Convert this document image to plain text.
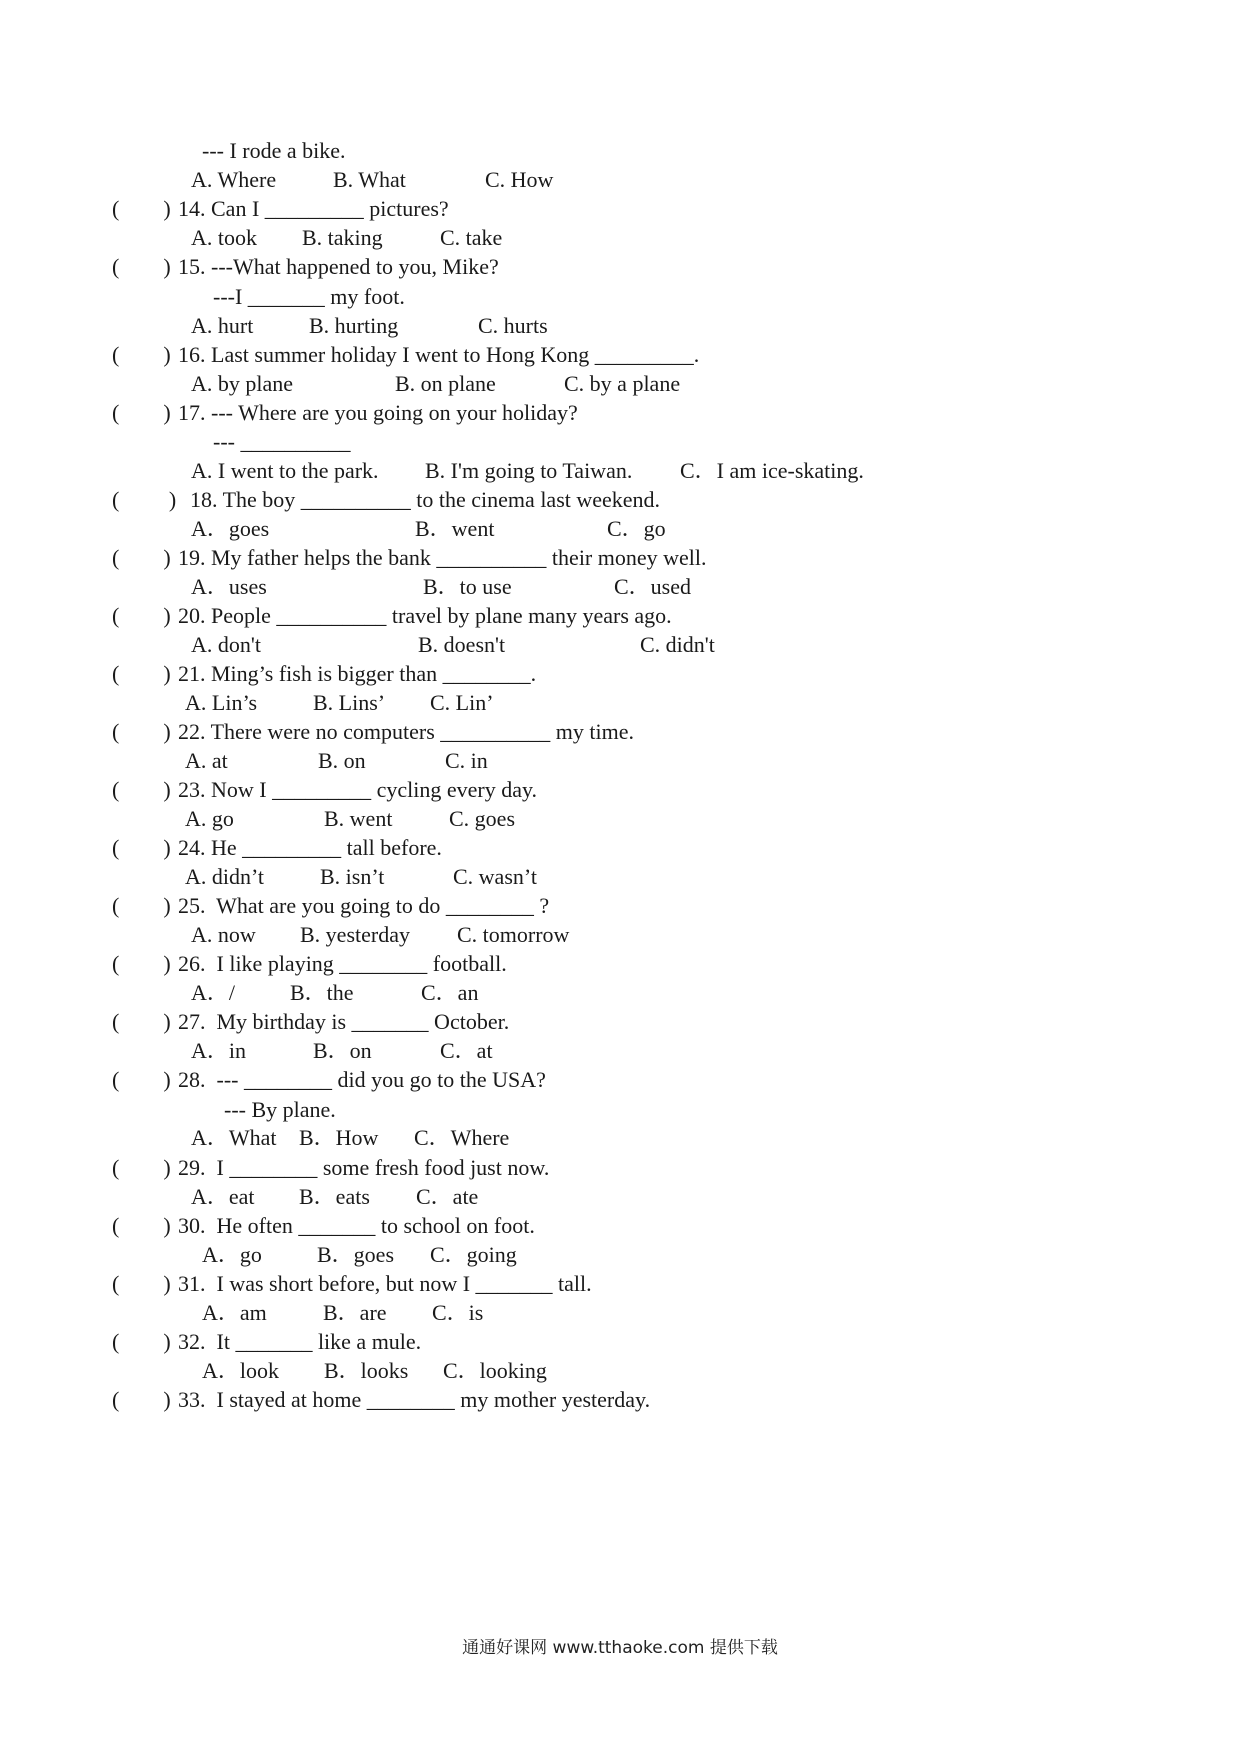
--- I rode a bike.
A. Where	B. What	C. How
(        ) 14. Can I _________ pictures?
A. took B. taking	C. take
(        ) 15. ---What happened to you, Mike?
---I _______ my foot.
A. hurt	B. hurting	C. hurts
(        ) 16. Last summer holiday I went to Hong Kong _________.
A. by plane	B. on plane	C. by a plane
(        ) 17. --- Where are you going on your holiday?
--- __________
A. I went to the park. B. I'm going to Taiwan. C．I am ice-skating.
(         ) 18. The boy __________ to the cinema last weekend.
A．goes	B．went	C．go
(        ) 19. My father helps the bank __________ their money well.
A．uses	B．to use	C．used
(        ) 20. People __________ travel by plane many years ago.
A. don't	B. doesn't	C. didn't
(        ) 21. Ming’s fish is bigger than ________.
A. Lin’s	B. Lins’ C. Lin’
(        ) 22. There were no computers __________ my time.
A. at	B. on	C. in
(        ) 23. Now I _________ cycling every day.
A. go	B. went	C. goes
(        ) 24. He _________ tall before.
A. didn’t	B. isn’t	C. wasn’t
(        ) 25.  What are you going to do ________ ?
A. now B. yesterday C. tomorrow
(        ) 26.  I like playing ________ football.
A．/ B．the	C．an
(        ) 27.  My birthday is _______ October.
A．in	B．on	C．at
(        ) 28.  --- ________ did you go to the USA?
--- By plane.
A．What B．How C．Where
(        ) 29.  I ________ some fresh food just now.
A．eat B．eats C．ate
(        ) 30.  He often _______ to school on foot.
A．go	B．goes C．going
(        ) 31.  I was short before, but now I _______ tall.
A．am	B．are C．is
(        ) 32.  It _______ like a mule.
A．look B．looks C．looking
(        ) 33.  I stayed at home ________ my mother yesterday.
通通好课网 www.tthaoke.com 提供下载
